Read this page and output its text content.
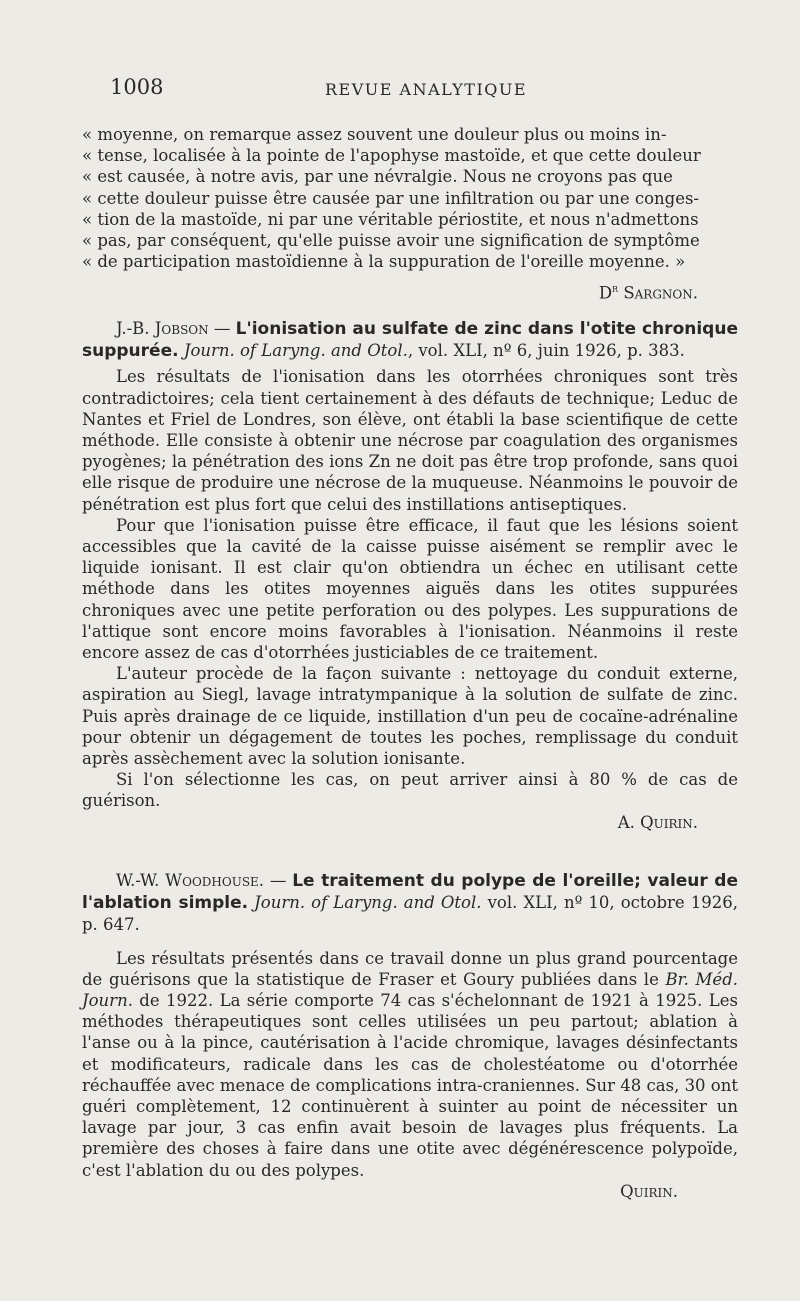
1008	REVUE ANALYTIQUE
« moyenne, on remarque assez souvent une douleur plus ou moins in-
« tense, localisée à la pointe de l'apophyse mastoïde, et que cette douleur
« est causée, à notre avis, par une névralgie. Nous ne croyons pas que
« cette douleur puisse être causée par une infiltration ou par une conges-
« tion de la mastoïde, ni par une véritable périostite, et nous n'admettons
« pas, par conséquent, qu'elle puisse avoir une signification de symptôme
« de participation mastoïdienne à la suppuration de l'oreille moyenne. »

$D^r$ Sargnon.

J.-B. Jobson — L'ionisation au sulfate de zinc dans l'otite chronique suppurée. Journ. of Laryng. and Otol., vol. XLI, nº 6, juin 1926, p. 383.

Les résultats de l'ionisation dans les otorrhées chroniques sont très contradictoires; cela tient certainement à des défauts de technique; Leduc de Nantes et Friel de Londres, son élève, ont établi la base scientifique de cette méthode. Elle consiste à obtenir une nécrose par coagulation des organismes pyogènes; la pénétration des ions Zn ne doit pas être trop profonde, sans quoi elle risque de produire une nécrose de la muqueuse. Néanmoins le pouvoir de pénétration est plus fort que celui des instillations antiseptiques.

Pour que l'ionisation puisse être efficace, il faut que les lésions soient accessibles que la cavité de la caisse puisse aisément se remplir avec le liquide ionisant. Il est clair qu'on obtiendra un échec en utilisant cette méthode dans les otites moyennes aiguës dans les otites suppurées chroniques avec une petite perforation ou des polypes. Les suppurations de l'attique sont encore moins favorables à l'ionisation. Néanmoins il reste encore assez de cas d'otorrhées justiciables de ce traitement.

L'auteur procède de la façon suivante : nettoyage du conduit externe, aspiration au Siegl, lavage intratympanique à la solution de sulfate de zinc. Puis après drainage de ce liquide, instillation d'un peu de cocaïne-adrénaline pour obtenir un dégagement de toutes les poches, remplissage du conduit après assèchement avec la solution ionisante.

Si l'on sélectionne les cas, on peut arriver ainsi à 80 % de cas de guérison.

A. Quirin.

W.-W. Woodhouse. — Le traitement du polype de l'oreille; valeur de l'ablation simple. Journ. of Laryng. and Otol. vol. XLI, nº 10, octobre 1926, p. 647.

Les résultats présentés dans ce travail donne un plus grand pourcentage de guérisons que la statistique de Fraser et Goury publiées dans le Br. Méd. Journ. de 1922. La série comporte 74 cas s'échelonnant de 1921 à 1925. Les méthodes thérapeutiques sont celles utilisées un peu partout; ablation à l'anse ou à la pince, cautérisation à l'acide chromique, lavages désinfectants et modificateurs, radicale dans les cas de cholestéatome ou d'otorrhée réchauffée avec menace de complications intra-craniennes. Sur 48 cas, 30 ont guéri complètement, 12 continuèrent à suinter au point de nécessiter un lavage par jour, 3 cas enfin avait besoin de lavages plus fréquents. La première des choses à faire dans une otite avec dégénérescence polypoïde, c'est l'ablation du ou des polypes.

Quirin.
